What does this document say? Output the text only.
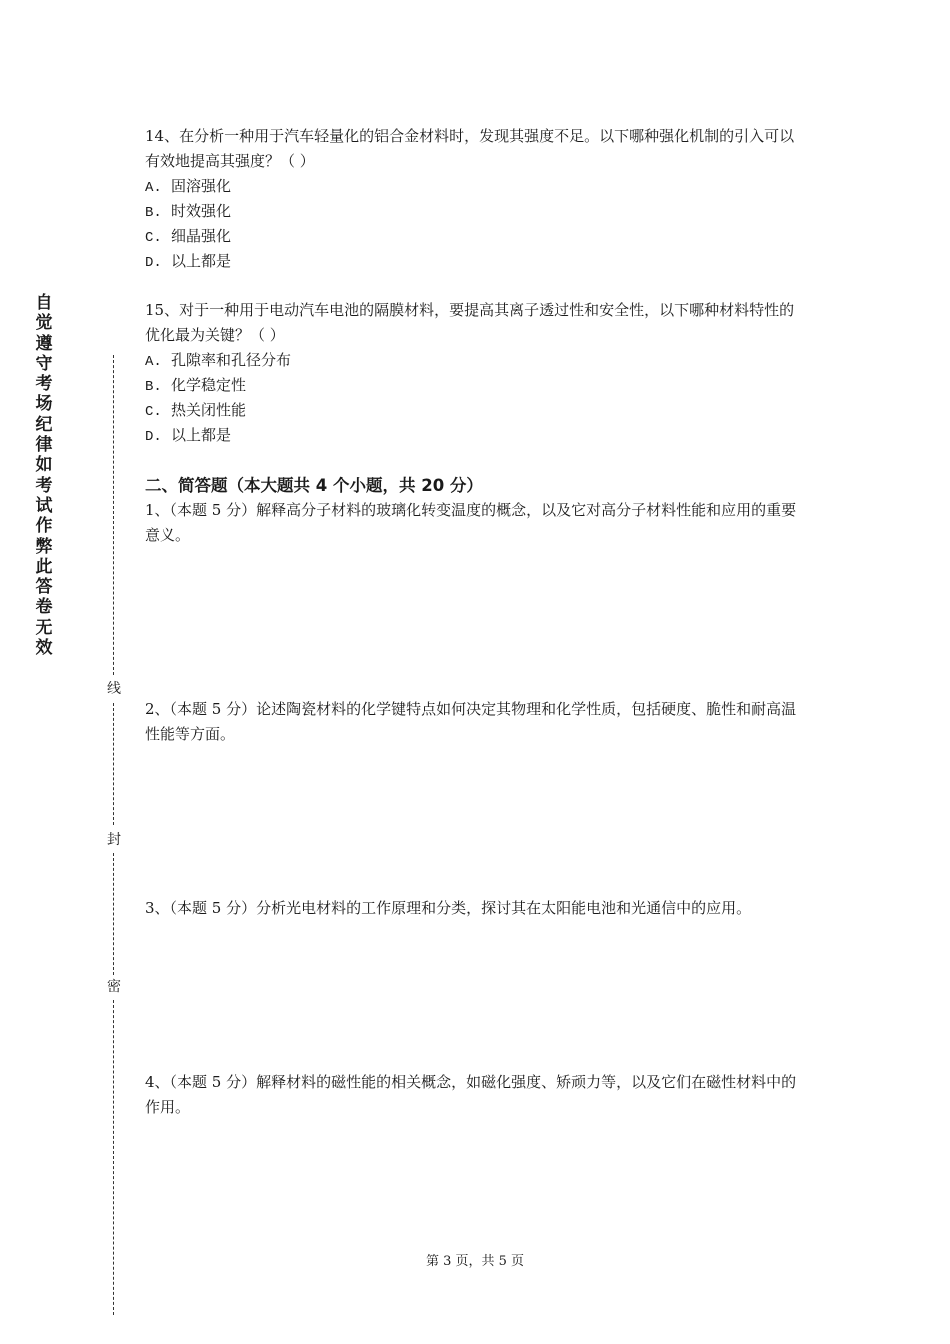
自觉遵守考场纪律如考试作弊此答卷无效
线
封
密
14、在分析一种用于汽车轻量化的铝合金材料时，发现其强度不足。以下哪种强化机制的引入可以有效地提高其强度？（ ）
A. 固溶强化
B. 时效强化
C. 细晶强化
D. 以上都是
15、对于一种用于电动汽车电池的隔膜材料，要提高其离子透过性和安全性，以下哪种材料特性的优化最为关键？（ ）
A. 孔隙率和孔径分布
B. 化学稳定性
C. 热关闭性能
D. 以上都是
二、简答题（本大题共 4 个小题，共 20 分）
1、（本题 5 分）解释高分子材料的玻璃化转变温度的概念，以及它对高分子材料性能和应用的重要意义。
2、（本题 5 分）论述陶瓷材料的化学键特点如何决定其物理和化学性质，包括硬度、脆性和耐高温性能等方面。
3、（本题 5 分）分析光电材料的工作原理和分类，探讨其在太阳能电池和光通信中的应用。
4、（本题 5 分）解释材料的磁性能的相关概念，如磁化强度、矫顽力等，以及它们在磁性材料中的作用。
第 3 页，共 5 页
